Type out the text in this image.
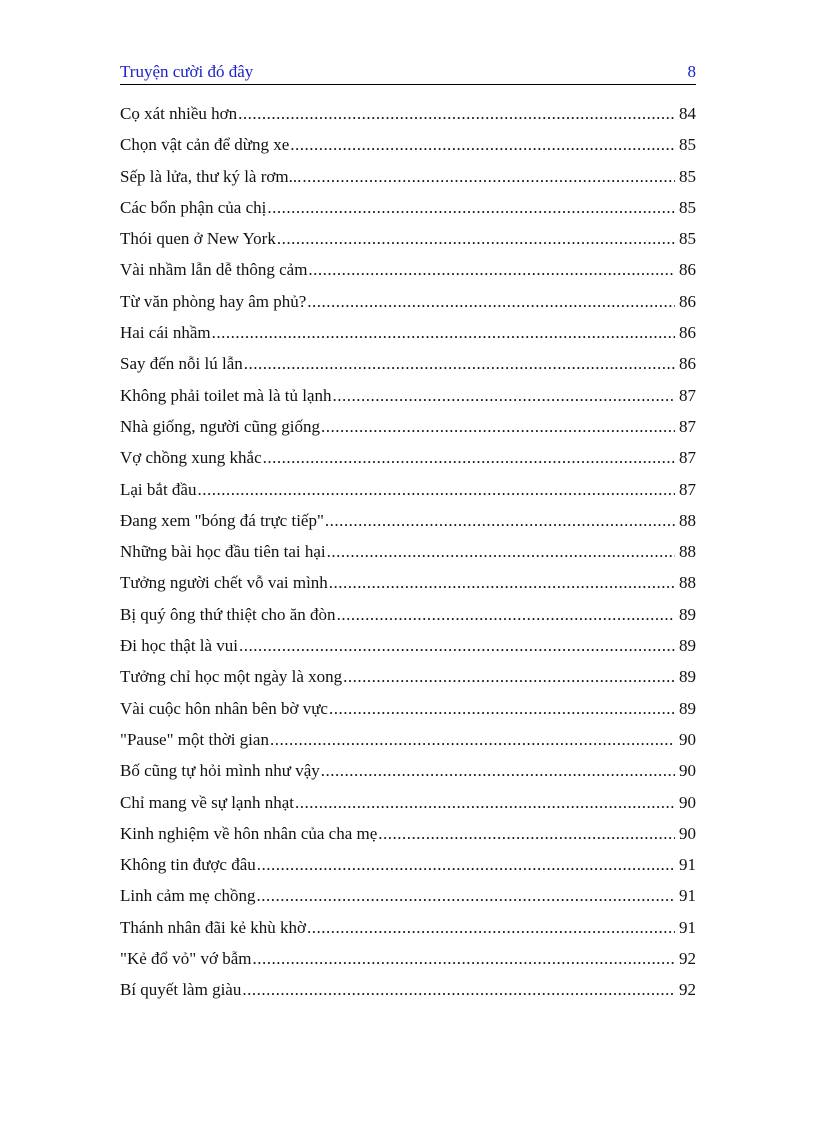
Truyện cười đó đây	8
Cọ xát nhiều hơn .....	84
Chọn vật cản để dừng xe .....	85
Sếp là lửa, thư ký là rơm... .....	85
Các bổn phận của chị .....	85
Thói quen ở New York .....	85
Vài nhầm lẫn dễ thông cảm .....	86
Từ văn phòng hay âm phủ? .....	86
Hai cái nhầm .....	86
Say đến nỗi lú lẫn .....	86
Không phải toilet mà là tủ lạnh .....	87
Nhà giống, người cũng giống .....	87
Vợ chồng xung khắc .....	87
Lại bắt đầu .....	87
Đang xem "bóng đá trực tiếp" .....	88
Những bài học đầu tiên tai hại .....	88
Tưởng người chết vỗ vai mình .....	88
Bị quý ông thứ thiệt cho ăn đòn .....	89
Đi học thật là vui .....	89
Tưởng chỉ học một ngày là xong .....	89
Vài cuộc hôn nhân bên bờ vực .....	89
"Pause" một thời gian .....	90
Bố cũng tự hỏi mình như vậy .....	90
Chỉ mang về sự lạnh nhạt .....	90
Kinh nghiệm về hôn nhân của cha mẹ .....	90
Không tin được đâu .....	91
Linh cảm mẹ chồng .....	91
Thánh nhân đãi kẻ khù khờ .....	91
"Kẻ đổ vỏ" vớ bẫm .....	92
Bí quyết làm giàu .....	92
